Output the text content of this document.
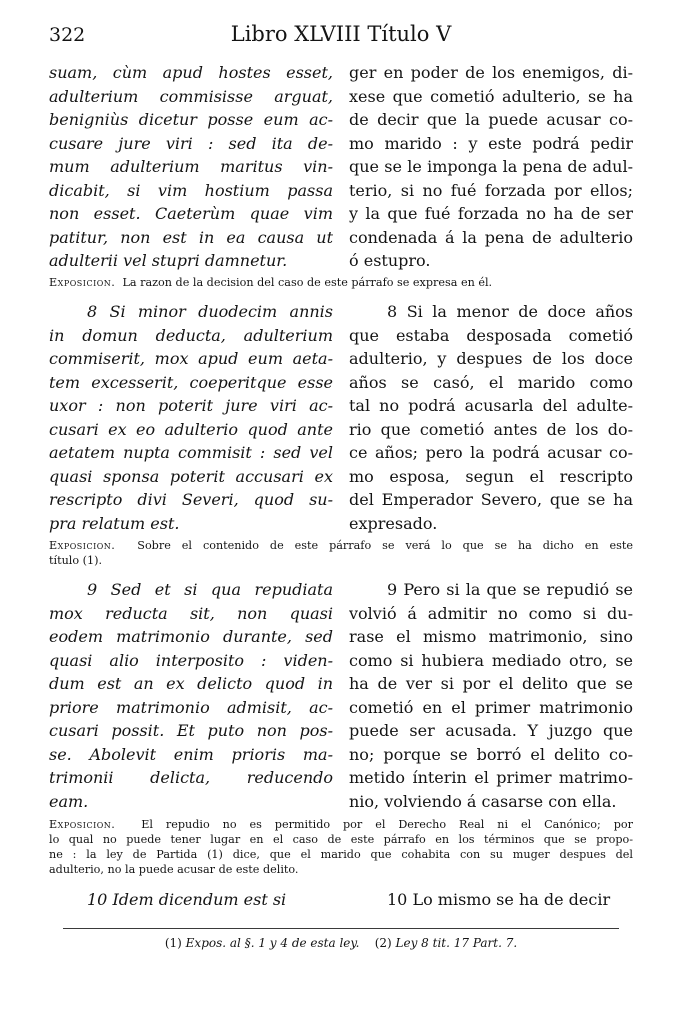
322	Libro XLVIII Título V
suam, cùm apud hostes esset,
adulterium commisisse arguat,
benigniùs dicetur posse eum ac-
cusare jure viri : sed ita de-
mum adulterium maritus vin-
dicabit, si vim hostium passa
non esset. Caeterùm quae vim
patitur, non est in ea causa ut
adulterii vel stupri damnetur.
ger en poder de los enemigos, di-
xese que cometió adulterio, se ha
de decir que la puede acusar co-
mo marido : y este podrá pedir
que se le imponga la pena de adul-
terio, si no fué forzada por ellos;
y la que fué forzada no ha de ser
condenada á la pena de adulterio
ó estupro.
Exposicion. La razon de la decision del caso de este párrafo se expresa en él.
8 Si minor duodecim annis
in domun deducta, adulterium
commiserit, mox apud eum aeta-
tem excesserit, coeperitque esse
uxor : non poterit jure viri ac-
cusari ex eo adulterio quod ante
aetatem nupta commisit : sed vel
quasi sponsa poterit accusari ex
rescripto divi Severi, quod su-
pra relatum est.
8 Si la menor de doce años
que estaba desposada cometió
adulterio, y despues de los doce
años se casó, el marido como
tal no podrá acusarla del adulte-
rio que cometió antes de los do-
ce años; pero la podrá acusar co-
mo esposa, segun el rescripto
del Emperador Severo, que se ha
expresado.
Exposicion. Sobre el contenido de este párrafo se verá lo que se ha dicho en este
título (1).
9 Sed et si qua repudiata
mox reducta sit, non quasi
eodem matrimonio durante, sed
quasi alio interposito : viden-
dum est an ex delicto quod in
priore matrimonio admisit, ac-
cusari possit. Et puto non pos-
se. Abolevit enim prioris ma-
trimonii delicta, reducendo
eam.
9 Pero si la que se repudió se
volvió á admitir no como si du-
rase el mismo matrimonio, sino
como si hubiera mediado otro, se
ha de ver si por el delito que se
cometió en el primer matrimonio
puede ser acusada. Y juzgo que
no; porque se borró el delito co-
metido ínterin el primer matrimo-
nio, volviendo á casarse con ella.
Exposicion. El repudio no es permitido por el Derecho Real ni el Canónico; por
lo qual no puede tener lugar en el caso de este párrafo en los términos que se propo-
ne : la ley de Partida (1) dice, que el marido que cohabita con su muger despues del
adulterio, no la puede acusar de este delito.
10 Idem dicendum est si	10 Lo mismo se ha de decir
(1) Expos. al §. 1 y 4 de esta ley. (2) Ley 8 tit. 17 Part. 7.
